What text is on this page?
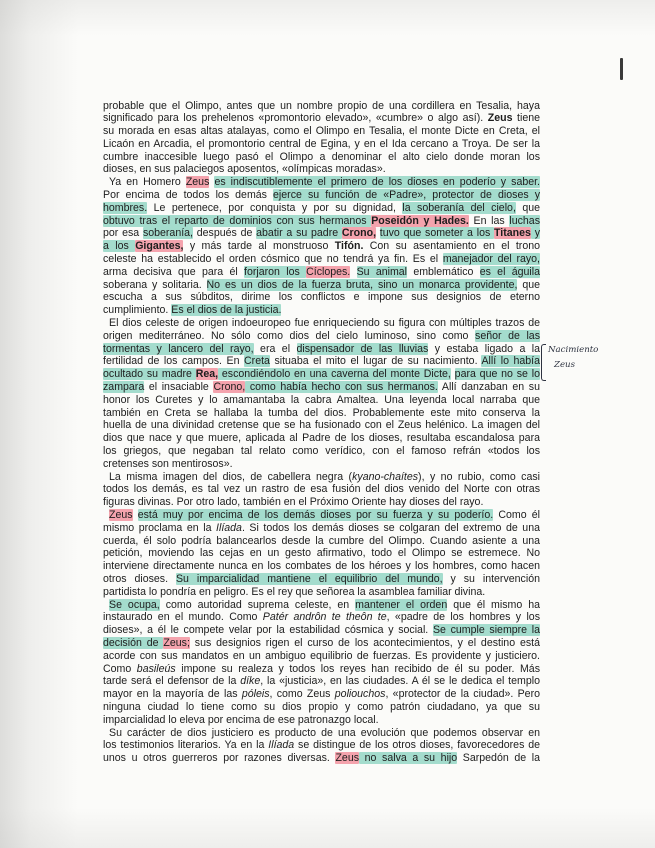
probable que el Olimpo, antes que un nombre propio de una cordillera en Tesalia, haya
significado para los prehelenos «promontorio elevado», «cumbre» o algo así). Zeus tiene
su morada en esas altas atalayas, como el Olimpo en Tesalia, el monte Dicte en Creta, el
Licaón en Arcadia, el promontorio central de Egina, y en el Ida cercano a Troya. De ser la
cumbre inaccesible luego pasó el Olimpo a denominar el alto cielo donde moran los
dioses, en sus palaciegos aposentos, «olímpicas moradas».
Ya en Homero Zeus es indiscutiblemente el primero de los dioses en poderío y saber.
Por encima de todos los demás ejerce su función de «Padre», protector de dioses y
hombres. Le pertenece, por conquista y por su dignidad, la soberanía del cielo, que
obtuvo tras el reparto de dominios con sus hermanos Poseidón y Hades. En las luchas
por esa soberanía, después de abatir a su padre Crono, tuvo que someter a los Titanes y
a los Gigantes, y más tarde al monstruoso Tifón. Con su asentamiento en el trono
celeste ha establecido el orden cósmico que no tendrá ya fin. Es el manejador del rayo,
arma decisiva que para él forjaron los Cíclopes. Su animal emblemático es el águila
soberana y solitaria. No es un dios de la fuerza bruta, sino un monarca providente, que
escucha a sus súbditos, dirime los conflictos e impone sus designios de eterno
cumplimiento. Es el dios de la justicia.
El dios celeste de origen indoeuropeo fue enriqueciendo su figura con múltiples trazos de
origen mediterráneo. No sólo como dios del cielo luminoso, sino como señor de las
tormentas y lancero del rayo, era el dispensador de las lluvias y estaba ligado a la
fertilidad de los campos. En Creta situaba el mito el lugar de su nacimiento. Allí lo había
ocultado su madre Rea, escondiéndolo en una caverna del monte Dicte, para que no se lo
zampara el insaciable Crono, como había hecho con sus hermanos. Allí danzaban en su
honor los Curetes y lo amamantaba la cabra Amaltea. Una leyenda local narraba que
también en Creta se hallaba la tumba del dios. Probablemente este mito conserva la
huella de una divinidad cretense que se ha fusionado con el Zeus helénico. La imagen del
dios que nace y que muere, aplicada al Padre de los dioses, resultaba escandalosa para
los griegos, que negaban tal relato como verídico, con el famoso refrán «todos los
cretenses son mentirosos».
La misma imagen del dios, de cabellera negra (kyano-chaítes), y no rubio, como casi
todos los demás, es tal vez un rastro de esa fusión del dios venido del Norte con otras
figuras divinas. Por otro lado, también en el Próximo Oriente hay dioses del rayo.
Zeus está muy por encima de los demás dioses por su fuerza y su poderío. Como él
mismo proclama en la Ilíada. Si todos los demás dioses se colgaran del extremo de una
cuerda, él solo podría balancearlos desde la cumbre del Olimpo. Cuando asiente a una
petición, moviendo las cejas en un gesto afirmativo, todo el Olimpo se estremece. No
interviene directamente nunca en los combates de los héroes y los hombres, como hacen
otros dioses. Su imparcialidad mantiene el equilibrio del mundo, y su intervención
partidista lo pondría en peligro. Es el rey que señorea la asamblea familiar divina.
Se ocupa, como autoridad suprema celeste, en mantener el orden que él mismo ha
instaurado en el mundo. Como Patér andrôn te theôn te, «padre de los hombres y los
dioses», a él le compete velar por la estabilidad cósmica y social. Se cumple siempre la
decisión de Zeus; sus designios rigen el curso de los acontecimientos, y el destino está
acorde con sus mandatos en un ambiguo equilibrio de fuerzas. Es providente y justiciero.
Como basileús impone su realeza y todos los reyes han recibido de él su poder. Más
tarde será el defensor de la díke, la «justicia», en las ciudades. A él se le dedica el templo
mayor en la mayoría de las póleis, como Zeus poliouchos, «protector de la ciudad». Pero
ninguna ciudad lo tiene como su dios propio y como patrón ciudadano, ya que su
imparcialidad lo eleva por encima de ese patronazgo local.
Su carácter de dios justiciero es producto de una evolución que podemos observar en
los testimonios literarios. Ya en la Ilíada se distingue de los otros dioses, favorecedores de
unos u otros guerreros por razones diversas. Zeus no salva a su hijo Sarpedón de la
Nacimiento
Zeus
